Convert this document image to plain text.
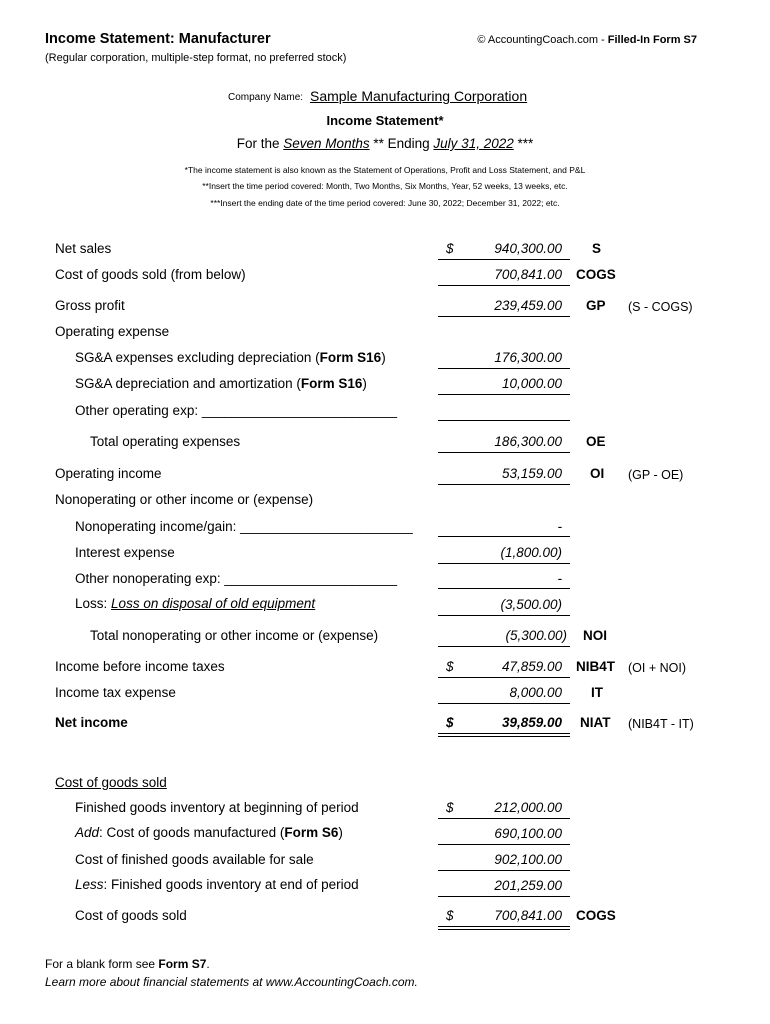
Income Statement: Manufacturer
(Regular corporation, multiple-step format, no preferred stock)
© AccountingCoach.com - Filled-In Form S7
Company Name: Sample Manufacturing Corporation
Income Statement*
For the Seven Months ** Ending July 31, 2022 ***
*The income statement is also known as the Statement of Operations, Profit and Loss Statement, and P&L
**Insert the time period covered: Month, Two Months, Six Months, Year, 52 weeks, 13 weeks, etc.
***Insert the ending date of the time period covered: June 30, 2022; December 31, 2022; etc.
Net sales	$	940,300.00 S
Cost of goods sold (from below)	700,841.00 COGS
Gross profit	239,459.00 GP (S - COGS)
Operating expense
SG&A expenses excluding depreciation (Form S16)	176,300.00
SG&A depreciation and amortization (Form S16)	10,000.00
Other operating exp: __________________________
Total operating expenses	186,300.00 OE
Operating income	53,159.00 OI (GP - OE)
Nonoperating or other income or (expense)
Nonoperating income/gain: _______________________	-
Interest expense	(1,800.00)
Other nonoperating exp: _______________________	-
Loss: Loss on disposal of old equipment	(3,500.00)
Total nonoperating or other income or (expense)	(5,300.00) NOI
Income before income taxes	$	47,859.00 NIB4T (OI + NOI)
Income tax expense	8,000.00 IT
Net income	$	39,859.00 NIAT (NIB4T - IT)
Cost of goods sold
Finished goods inventory at beginning of period	$	212,000.00
Add: Cost of goods manufactured (Form S6)	690,100.00
Cost of finished goods available for sale	902,100.00
Less: Finished goods inventory at end of period	201,259.00
Cost of goods sold	$	700,841.00 COGS
For a blank form see Form S7.
Learn more about financial statements at www.AccountingCoach.com.
